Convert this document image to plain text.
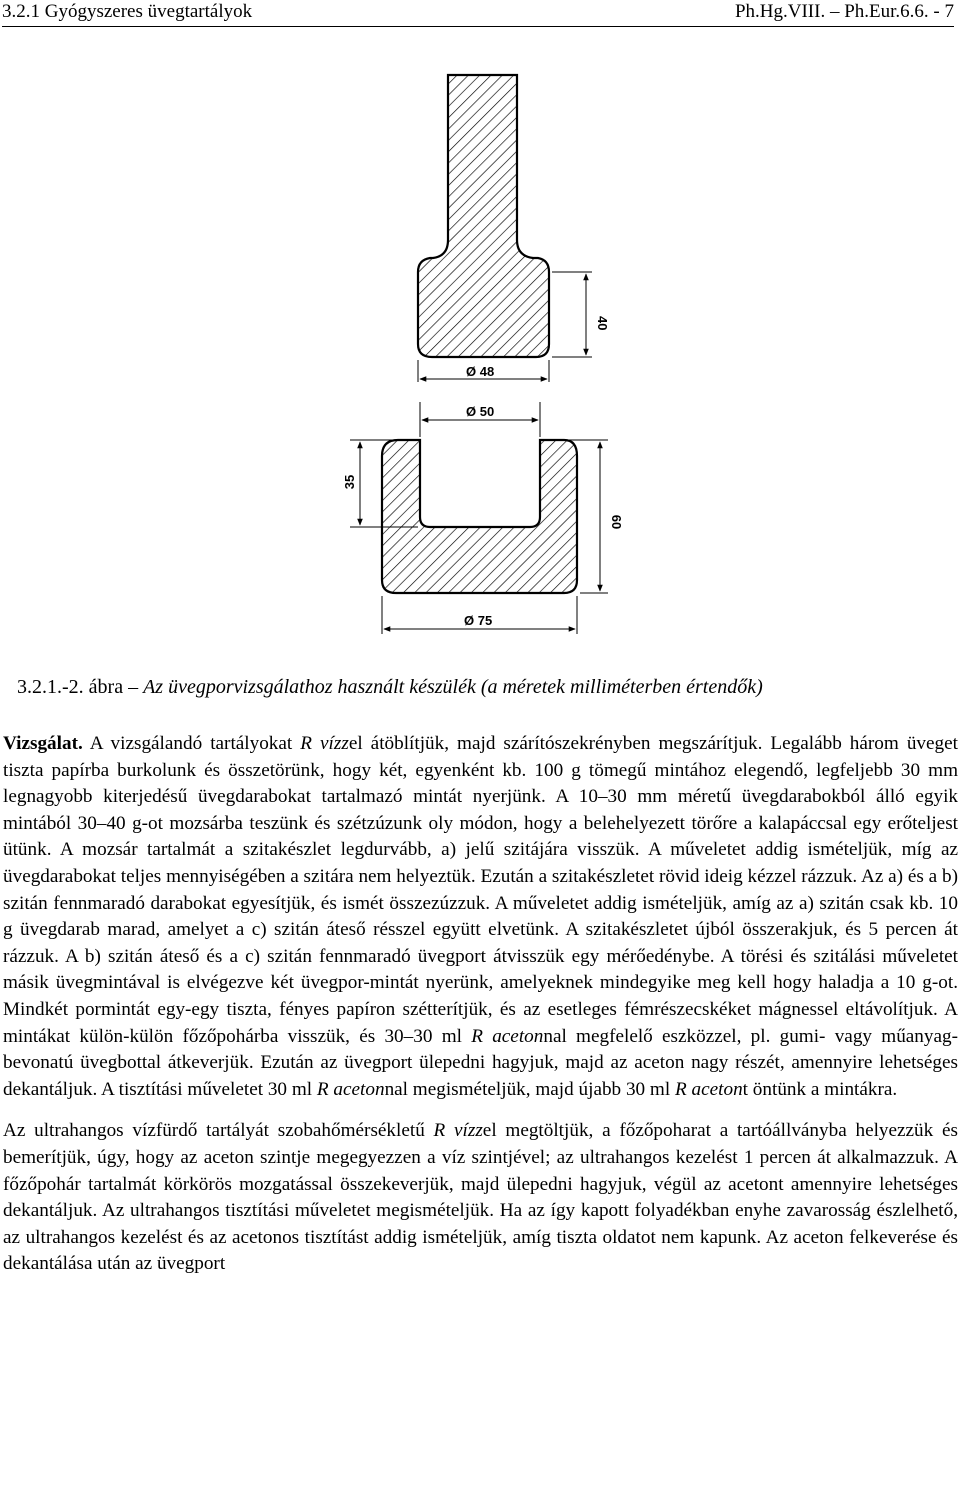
3.2.1 Gyógyszeres üvegtartályok	Ph.Hg.VIII. – Ph.Eur.6.6. - 7
Ø 48
40
Ø 50
35
60
Ø 75
3.2.1.-2. ábra – Az üvegporvizsgálathoz használt készülék (a méretek milliméterben értendők)

Vizsgálat. A vizsgálandó tartályokat R vízzel átöblítjük, majd szárítószekrényben megszárítjuk. Legalább három üveget tiszta papírba burkolunk és összetörünk, hogy két, egyenként kb. 100 g tömegű mintához elegendő, legfeljebb 30 mm legnagyobb kiterjedésű üvegdarabokat tartalmazó mintát nyerjünk. A 10–30 mm méretű üvegdarabokból álló egyik mintából 30–40 g-ot mozsárba teszünk és szétzúzunk oly módon, hogy a belehelyezett törőre a kalapáccsal egy erőteljest ütünk. A mozsár tartalmát a szitakészlet legdurvább, a) jelű szitájára visszük. A műveletet addig ismételjük, míg az üvegdarabokat teljes mennyiségében a szitára nem helyeztük. Ezután a szitakészletet rövid ideig kézzel rázzuk. Az a) és a b) szitán fennmaradó darabokat egyesítjük, és ismét összezúzzuk. A műveletet addig ismételjük, amíg az a) szitán csak kb. 10 g üvegdarab marad, amelyet a c) szitán áteső résszel együtt elvetünk. A szitakészletet újból összerakjuk, és 5 percen át rázzuk. A b) szitán áteső és a c) szitán fennmaradó üvegport átvisszük egy mérőedénybe. A törési és szitálási műveletet másik üvegmintával is elvégezve két üvegpor-mintát nyerünk, amelyeknek mindegyike meg kell hogy haladja a 10 g-ot. Mindkét pormintát egy-egy tiszta, fényes papíron szétterítjük, és az esetleges fémrészecskéket mágnessel eltávolítjuk. A mintákat külön-külön főzőpohárba visszük, és 30–30 ml R acetonnal megfelelő eszközzel, pl. gumi- vagy műanyag-bevonatú üvegbottal átkeverjük. Ezután az üvegport ülepedni hagyjuk, majd az aceton nagy részét, amennyire lehetséges dekantáljuk. A tisztítási műveletet 30 ml R acetonnal megismételjük, majd újabb 30 ml R acetont öntünk a mintákra.

Az ultrahangos vízfürdő tartályát szobahőmérsékletű R vízzel megtöltjük, a főzőpoharat a tartóállványba helyezzük és bemerítjük, úgy, hogy az aceton szintje megegyezzen a víz szintjével; az ultrahangos kezelést 1 percen át alkalmazzuk. A főzőpohár tartalmát körkörös mozgatással összekeverjük, majd ülepedni hagyjuk, végül az acetont amennyire lehetséges dekantáljuk. Az ultrahangos tisztítási műveletet megismételjük. Ha az így kapott folyadékban enyhe zavarosság észlelhető, az ultrahangos kezelést és az acetonos tisztítást addig ismételjük, amíg tiszta oldatot nem kapunk. Az aceton felkeverése és dekantálása után az üvegport
